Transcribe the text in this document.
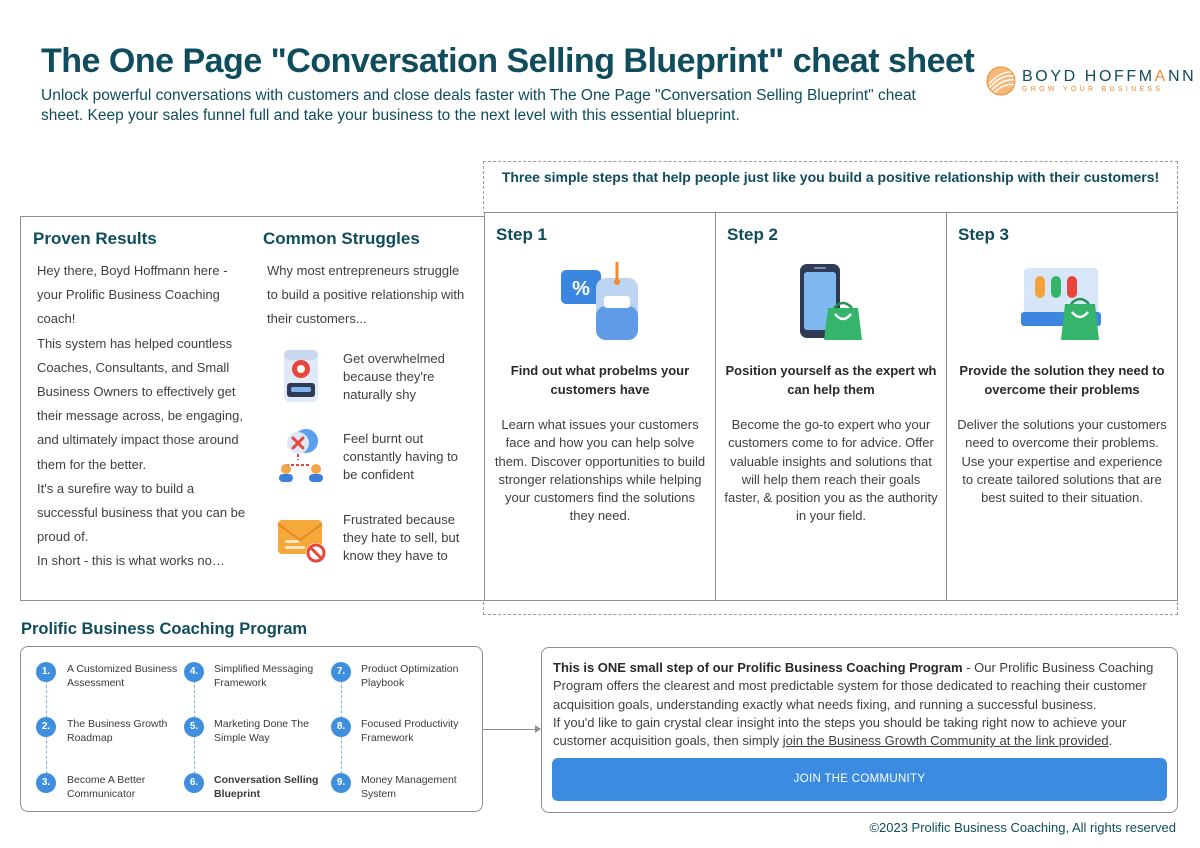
The One Page "Conversation Selling Blueprint" cheat sheet
Unlock powerful conversations with customers and close deals faster with The One Page "Conversation Selling Blueprint" cheat sheet. Keep your sales funnel full and take your business to the next level with this essential blueprint.
BOYD HOFFMANN
GROW YOUR BUSINESS
Three simple steps that help people just like you build a positive relationship with their customers!
Proven Results
Hey there, Boyd Hoffmann here - your Prolific Business Coaching coach!
This system has helped countless Coaches, Consultants, and Small Business Owners to effectively get their message across, be engaging, and ultimately impact those around them for the better.
It's a surefire way to build a successful business that you can be proud of.
In short - this is what works no…
Common Struggles
Why most entrepreneurs struggle to build a positive relationship with their customers...
Get overwhelmed because they're naturally shy
Feel burnt out constantly having to be confident
Frustrated because they hate to sell, but know they have to
Step 1
%
Find out what probelms your customers have
Learn what issues your customers face and how you can help solve them. Discover opportunities to build stronger relationships while helping your customers find the solutions they need.
Step 2
Position yourself as the expert wh can help them
Become the go-to expert who your customers come to for advice. Offer valuable insights and solutions that will help them reach their goals faster, & position you as the authority in your field.
Step 3
Provide the solution they need to overcome their problems
Deliver the solutions your customers need to overcome their problems. Use your expertise and experience to create tailored solutions that are best suited to their situation.
Prolific Business Coaching Program
1.	A Customized Business Assessment
2.	The Business Growth Roadmap
3.	Become A Better Communicator
4.	Simplified Messaging Framework
5.	Marketing Done The Simple Way
6.	Conversation Selling Blueprint
7.	Product Optimization Playbook
8.	Focused Productivity Framework
9.	Money Management System
This is ONE small step of our Prolific Business Coaching Program - Our Prolific Business Coaching Program offers the clearest and most predictable system for those dedicated to reaching their customer acquisition goals, understanding exactly what needs fixing, and running a successful business.
If you'd like to gain crystal clear insight into the steps you should be taking right now to achieve your customer acquisition goals, then simply join the Business Growth Community at the link provided.
JOIN THE COMMUNITY
©2023 Prolific Business Coaching, All rights reserved
